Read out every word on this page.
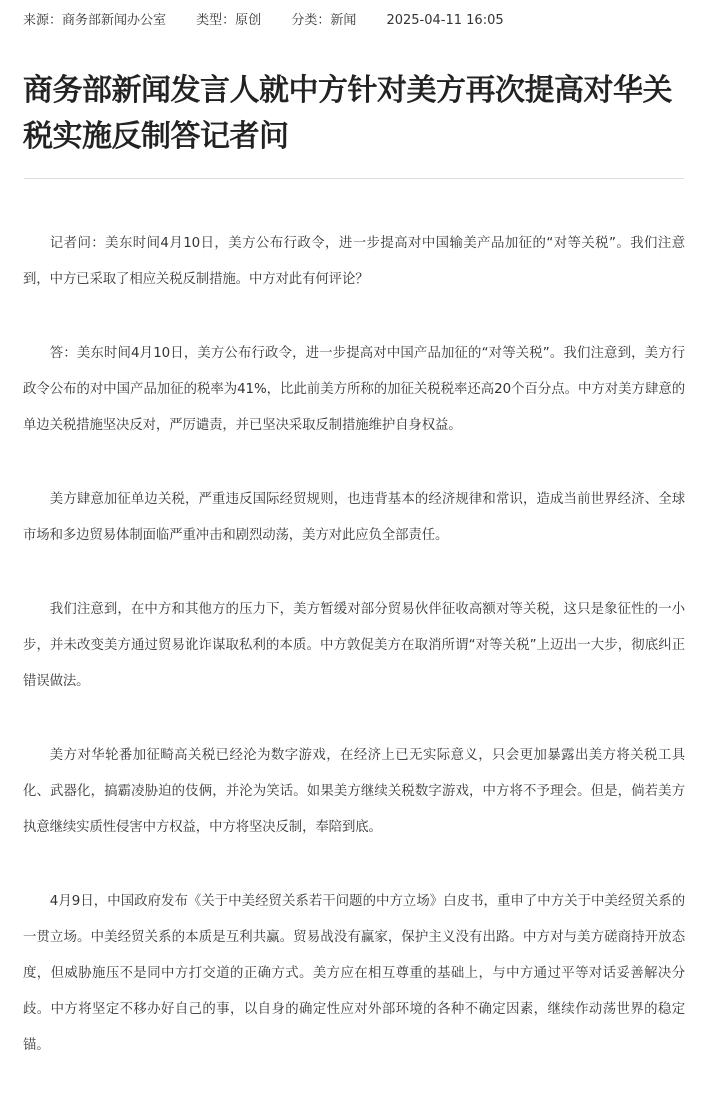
来源：商务部新闻办公室 类型：原创 分类：新闻 2025-04-11 16:05
商务部新闻发言人就中方针对美方再次提高对华关税实施反制答记者问

记者问：美东时间4月10日，美方公布行政令，进一步提高对中国输美产品加征的“对等关税”。我们注意到，中方已采取了相应关税反制措施。中方对此有何评论？

答：美东时间4月10日，美方公布行政令，进一步提高对中国产品加征的“对等关税”。我们注意到，美方行政令公布的对中国产品加征的税率为41%，比此前美方所称的加征关税税率还高20个百分点。中方对美方肆意的单边关税措施坚决反对，严厉谴责，并已坚决采取反制措施维护自身权益。

美方肆意加征单边关税，严重违反国际经贸规则，也违背基本的经济规律和常识，造成当前世界经济、全球市场和多边贸易体制面临严重冲击和剧烈动荡，美方对此应负全部责任。

我们注意到，在中方和其他方的压力下，美方暂缓对部分贸易伙伴征收高额对等关税，这只是象征性的一小步，并未改变美方通过贸易讹诈谋取私利的本质。中方敦促美方在取消所谓“对等关税”上迈出一大步，彻底纠正错误做法。

美方对华轮番加征畸高关税已经沦为数字游戏，在经济上已无实际意义，只会更加暴露出美方将关税工具化、武器化，搞霸凌胁迫的伎俩，并沦为笑话。如果美方继续关税数字游戏，中方将不予理会。但是，倘若美方执意继续实质性侵害中方权益，中方将坚决反制，奉陪到底。

4月9日，中国政府发布《关于中美经贸关系若干问题的中方立场》白皮书，重申了中方关于中美经贸关系的一贯立场。中美经贸关系的本质是互利共赢。贸易战没有赢家，保护主义没有出路。中方对与美方磋商持开放态度，但威胁施压不是同中方打交道的正确方式。美方应在相互尊重的基础上，与中方通过平等对话妥善解决分歧。中方将坚定不移办好自己的事，以自身的确定性应对外部环境的各种不确定因素，继续作动荡世界的稳定锚。
